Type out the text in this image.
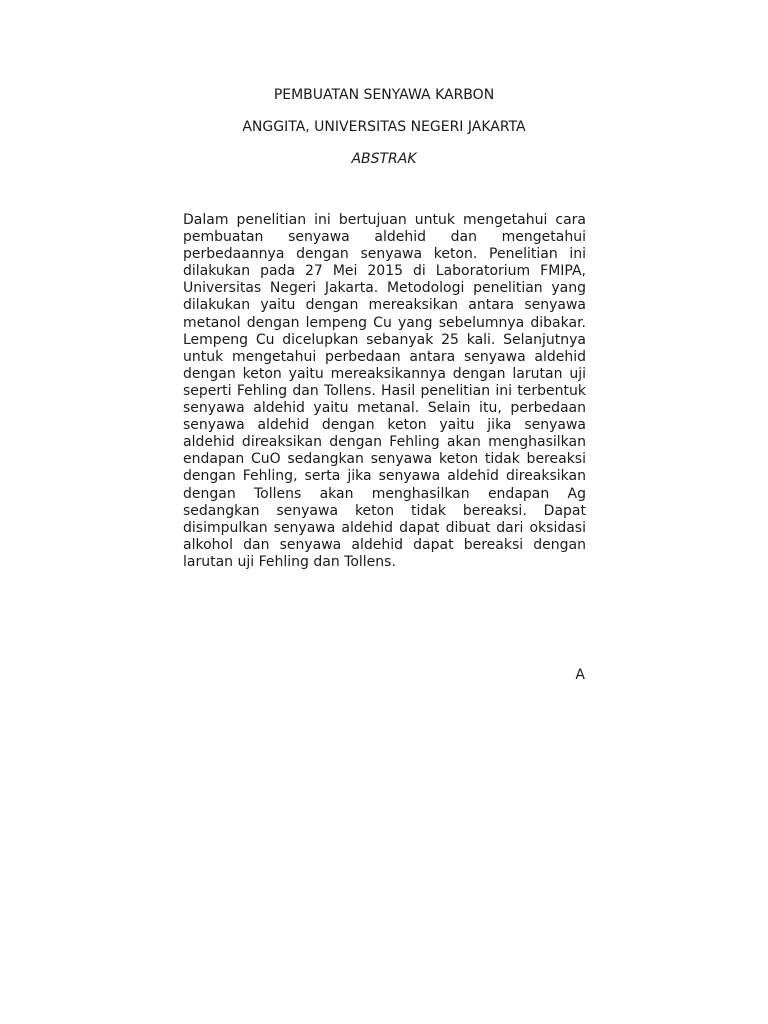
PEMBUATAN SENYAWA KARBON
ANGGITA, UNIVERSITAS NEGERI JAKARTA
ABSTRAK
Dalam penelitian ini bertujuan untuk mengetahui cara pembuatan senyawa aldehid dan mengetahui perbedaannya dengan senyawa keton. Penelitian ini dilakukan pada 27 Mei 2015 di Laboratorium FMIPA, Universitas Negeri Jakarta. Metodologi penelitian yang dilakukan yaitu dengan mereaksikan antara senyawa metanol dengan lempeng Cu yang sebelumnya dibakar. Lempeng Cu dicelupkan sebanyak 25 kali. Selanjutnya untuk mengetahui perbedaan antara senyawa aldehid dengan keton yaitu mereaksikannya dengan larutan uji seperti Fehling dan Tollens. Hasil penelitian ini terbentuk senyawa aldehid yaitu metanal. Selain itu, perbedaan senyawa aldehid dengan keton yaitu jika senyawa aldehid direaksikan dengan Fehling akan menghasilkan endapan CuO sedangkan senyawa keton tidak bereaksi dengan Fehling, serta jika senyawa aldehid direaksikan dengan Tollens akan menghasilkan endapan Ag sedangkan senyawa keton tidak bereaksi. Dapat disimpulkan senyawa aldehid dapat dibuat dari oksidasi alkohol dan senyawa aldehid dapat bereaksi dengan larutan uji Fehling dan Tollens.
A
